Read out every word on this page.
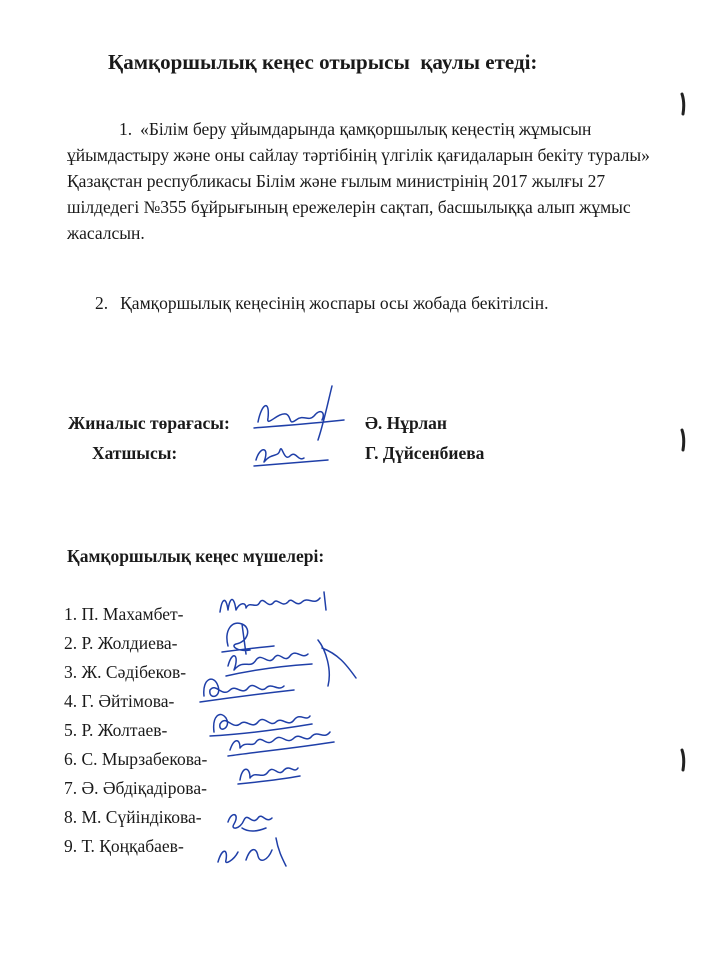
Қамқоршылық кеңес отырысы  қаулы етеді:
1. «Білім беру ұйымдарында қамқоршылық кеңестің жұмысын
ұйымдастыру және оны сайлау тәртібінің үлгілік қағидаларын бекіту туралы»
Қазақстан республикасы Білім және ғылым министрінің 2017 жылғы 27
шілдедегі №355 бұйрығының ережелерін сақтап, басшылыққа алып жұмыс
жасалсын.
2. Қамқоршылық кеңесінің жоспары осы жобада бекітілсін.
Жиналыс төрағасы:	Ә. Нұрлан
Хатшысы:	Г. Дүйсенбиева
Қамқоршылық кеңес мүшелері:
1. П. Махамбет-
2. Р. Жолдиева-
3. Ж. Сәдібеков-
4. Г. Әйтімова-
5. Р. Жолтаев-
6. С. Мырзабекова-
7. Ә. Әбдіқадірова-
8. М. Сүйіндікова-
9. Т. Қоңқабаев-
